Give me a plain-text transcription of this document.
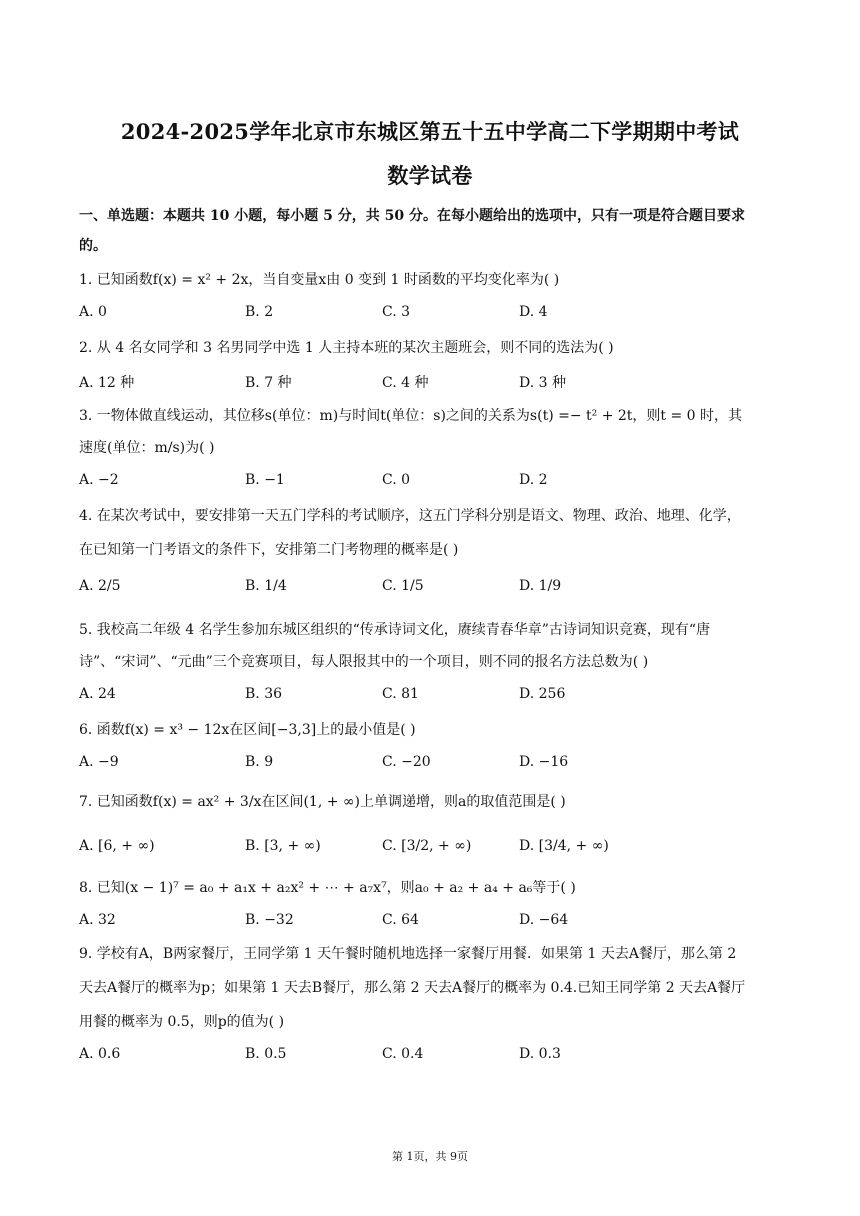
2024-2025学年北京市东城区第五十五中学高二下学期期中考试
数学试卷
一、单选题：本题共 10 小题，每小题 5 分，共 50 分。在每小题给出的选项中，只有一项是符合题目要求
的。
1. 已知函数f(x) = x² + 2x，当自变量x由 0 变到 1 时函数的平均变化率为( )
A. 0	B. 2	C. 3	D. 4
2. 从 4 名女同学和 3 名男同学中选 1 人主持本班的某次主题班会，则不同的选法为( )
A. 12 种	B. 7 种	C. 4 种	D. 3 种
3. 一物体做直线运动，其位移s(单位：m)与时间t(单位：s)之间的关系为s(t) =− t² + 2t，则t = 0 时，其
速度(单位：m/s)为( )
A. −2	B. −1	C. 0	D. 2
4. 在某次考试中，要安排第一天五门学科的考试顺序，这五门学科分别是语文、物理、政治、地理、化学，
在已知第一门考语文的条件下，安排第二门考物理的概率是( )
A. 2/5	B. 1/4	C. 1/5	D. 1/9
5. 我校高二年级 4 名学生参加东城区组织的“传承诗词文化，赓续青春华章”古诗词知识竞赛，现有“唐
诗”、“宋词”、“元曲”三个竞赛项目，每人限报其中的一个项目，则不同的报名方法总数为( )
A. 24	B. 36	C. 81	D. 256
6. 函数f(x) = x³ − 12x在区间[−3,3]上的最小值是( )
A. −9	B. 9	C. −20	D. −16
7. 已知函数f(x) = ax² + 3/x在区间(1, + ∞)上单调递增，则a的取值范围是( )
A. [6, + ∞)	B. [3, + ∞)	C. [3/2, + ∞)	D. [3/4, + ∞)
8. 已知(x − 1)⁷ = a₀ + a₁x + a₂x² + ⋯ + a₇x⁷，则a₀ + a₂ + a₄ + a₆等于( )
A. 32	B. −32	C. 64	D. −64
9. 学校有A，B两家餐厅，王同学第 1 天午餐时随机地选择一家餐厅用餐．如果第 1 天去A餐厅，那么第 2
天去A餐厅的概率为p；如果第 1 天去B餐厅，那么第 2 天去A餐厅的概率为 0.4.已知王同学第 2 天去A餐厅
用餐的概率为 0.5，则p的值为( )
A. 0.6	B. 0.5	C. 0.4	D. 0.3
第 1页，共 9页
